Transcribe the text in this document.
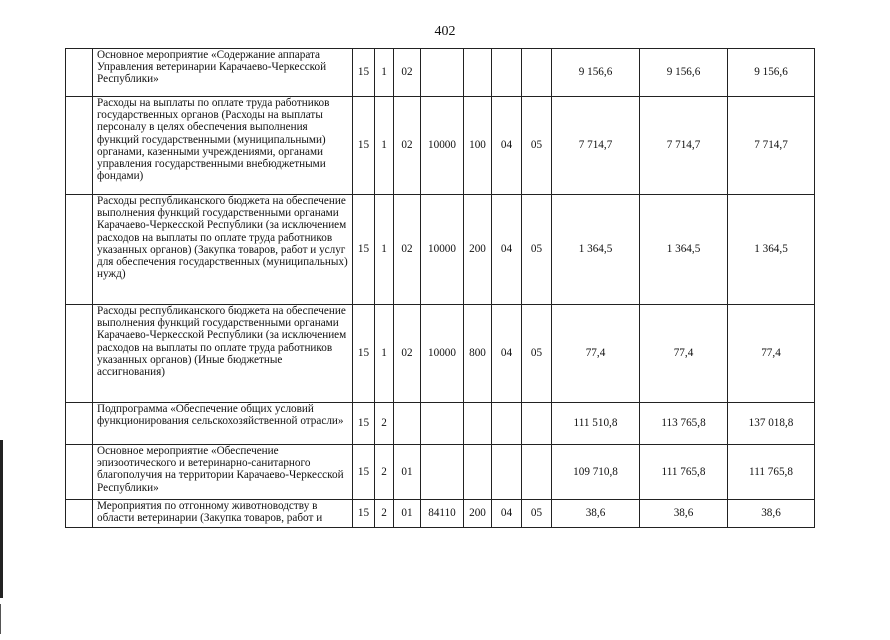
402
	Основное мероприятие «Содержание аппарата Управления ветеринарии Карачаево-Черкесской Республики»	15	1	02					9 156,6	9 156,6	9 156,6
	Расходы на выплаты по оплате труда работников государственных органов (Расходы на выплаты персоналу в целях обеспечения выполнения функций государственными (муниципальными) органами, казенными учреждениями, органами управления государственными внебюджетными фондами)	15	1	02	10000	100	04	05	7 714,7	7 714,7	7 714,7
	Расходы республиканского бюджета на обеспечение выполнения функций государственными органами Карачаево-Черкесской Республики (за исключением расходов на выплаты по оплате труда работников указанных органов) (Закупка товаров, работ и услуг для обеспечения государственных (муниципальных) нужд)	15	1	02	10000	200	04	05	1 364,5	1 364,5	1 364,5
	Расходы республиканского бюджета на обеспечение выполнения функций государственными органами Карачаево-Черкесской Республики (за исключением расходов на выплаты по оплате труда работников указанных органов) (Иные бюджетные ассигнования)	15	1	02	10000	800	04	05	77,4	77,4	77,4
	Подпрограмма «Обеспечение общих условий функционирования сельскохозяйственной отрасли»	15	2						111 510,8	113 765,8	137 018,8
	Основное мероприятие «Обеспечение эпизоотического и ветеринарно-санитарного благополучия на территории Карачаево-Черкесской Республики»	15	2	01					109 710,8	111 765,8	111 765,8
	Мероприятия по отгонному животноводству в области ветеринарии (Закупка товаров, работ и	15	2	01	84110	200	04	05	38,6	38,6	38,6
